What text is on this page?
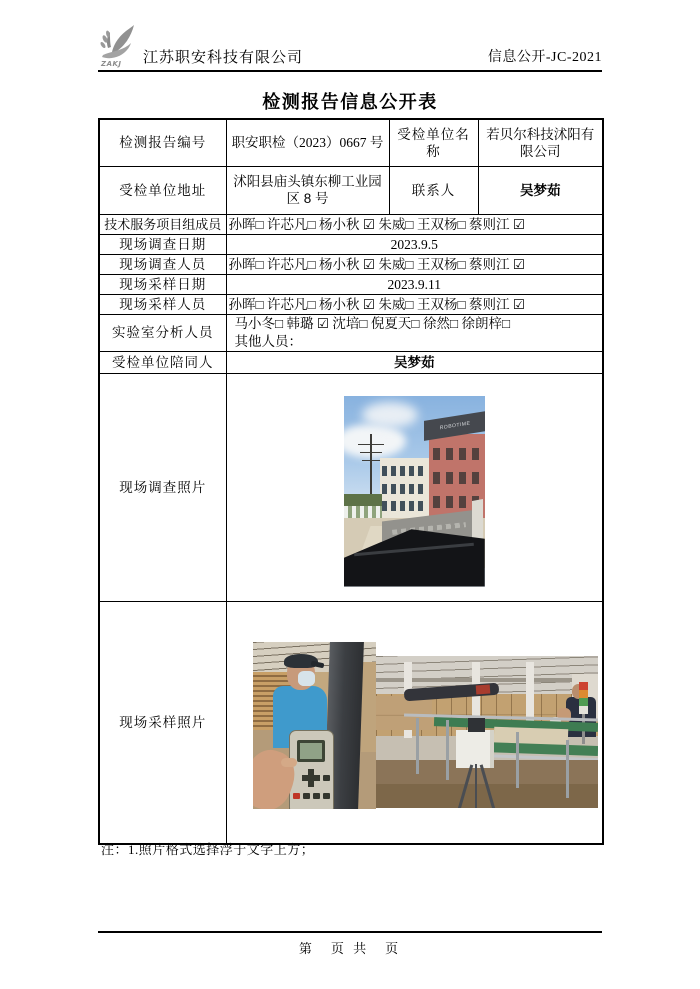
ZAKJ 江苏职安科技有限公司	信息公开-JC-2021
检测报告信息公开表
检测报告编号	职安职检（2023）0667 号	受检单位名称	若贝尔科技沭阳有限公司
受检单位地址	沭阳县庙头镇东柳工业园区 8 号	联系人	吴梦茹
技术服务项目组成员	孙晖□ 许芯凡□ 杨小秋 ☑ 朱威□ 王双杨□ 蔡则江 ☑		
现场调查日期	2023.9.5		
现场调查人员	孙晖□ 许芯凡□ 杨小秋 ☑ 朱威□ 王双杨□ 蔡则江 ☑		
现场采样日期	2023.9.11		
现场采样人员	孙晖□ 许芯凡□ 杨小秋 ☑ 朱威□ 王双杨□ 蔡则江 ☑		
实验室分析人员	马小冬□ 韩璐 ☑ 沈培□ 倪夏天□ 徐然□ 徐朗梓□
其他人员：		

受检单位陪同人	吴梦茹		
现场调查照片	ROBOTIME		

现场采样照片			
注：1.照片格式选择浮于文字上方；
第　页 共　页
